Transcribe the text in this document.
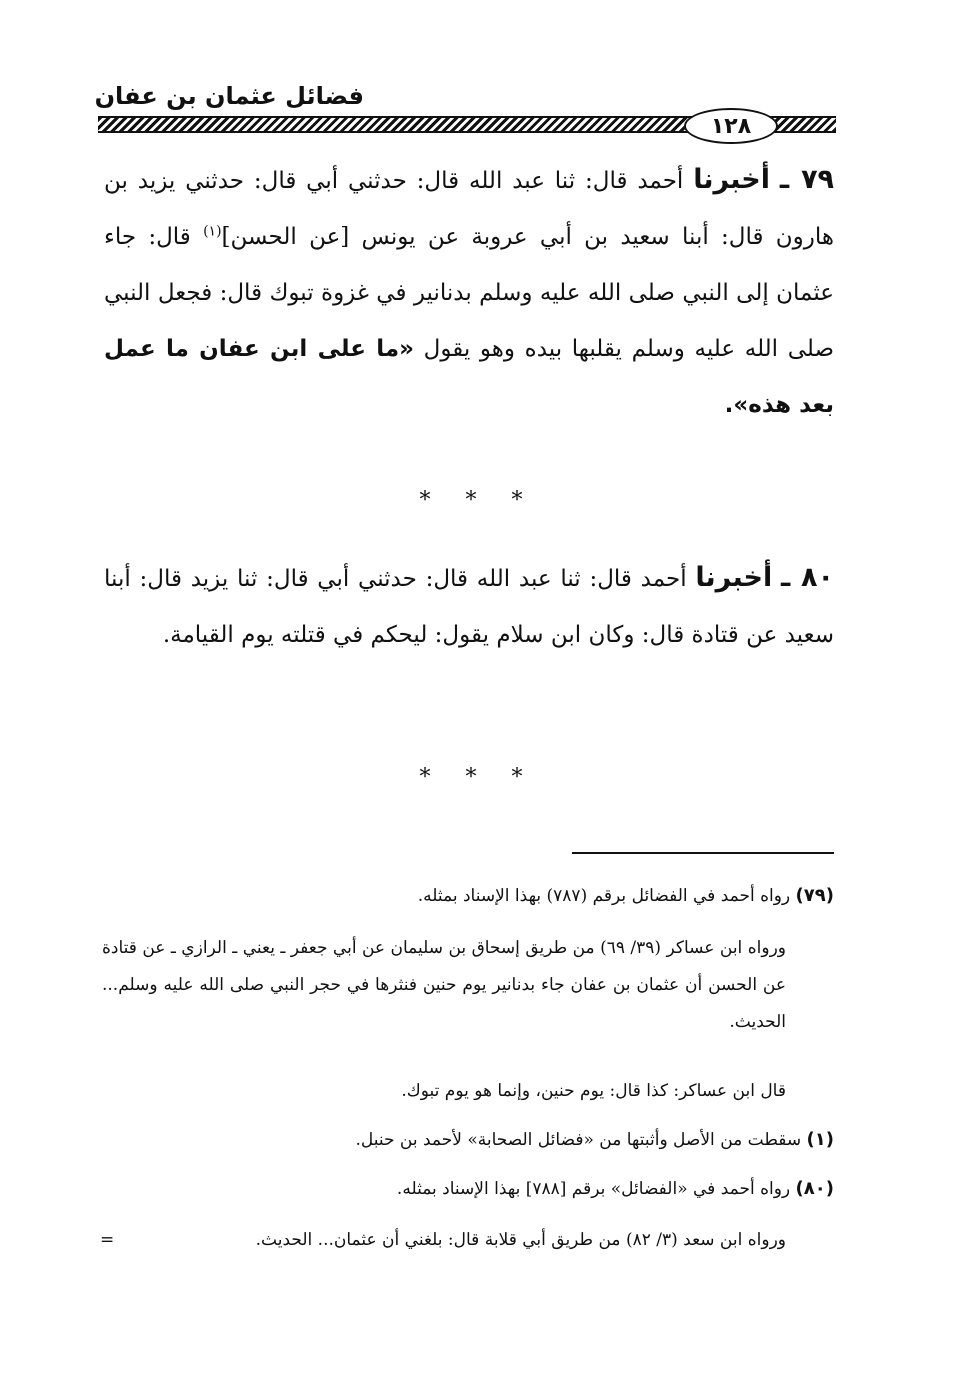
فضائل عثمان بن عفان
١٢٨
٧٩ ـ أخبرنا أحمد قال: ثنا عبد الله قال: حدثني أبي قال: حدثني يزيد بن هارون قال: أبنا سعيد بن أبي عروبة عن يونس [عن الحسن]$^{(١)}$ قال: جاء عثمان إلى النبي صلى الله عليه وسلم بدنانير في غزوة تبوك قال: فجعل النبي صلى الله عليه وسلم يقلبها بيده وهو يقول «ما على ابن عفان ما عمل بعد هذه».
* * *
٨٠ ـ أخبرنا أحمد قال: ثنا عبد الله قال: حدثني أبي قال: ثنا يزيد قال: أبنا سعيد عن قتادة قال: وكان ابن سلام يقول: ليحكم في قتلته يوم القيامة.
* * *
(٧٩) رواه أحمد في الفضائل برقم (٧٨٧) بهذا الإسناد بمثله.
ورواه ابن عساكر (٣٩/ ٦٩) من طريق إسحاق بن سليمان عن أبي جعفر ـ يعني ـ الرازي ـ عن قتادة عن الحسن أن عثمان بن عفان جاء بدنانير يوم حنين فنثرها في حجر النبي صلى الله عليه وسلم... الحديث.
قال ابن عساكر: كذا قال: يوم حنين، وإنما هو يوم تبوك.
(١) سقطت من الأصل وأثبتها من «فضائل الصحابة» لأحمد بن حنبل.
(٨٠) رواه أحمد في «الفضائل» برقم [٧٨٨] بهذا الإسناد بمثله.
ورواه ابن سعد (٣/ ٨٢) من طريق أبي قلابة قال: بلغني أن عثمان... الحديث.
=
